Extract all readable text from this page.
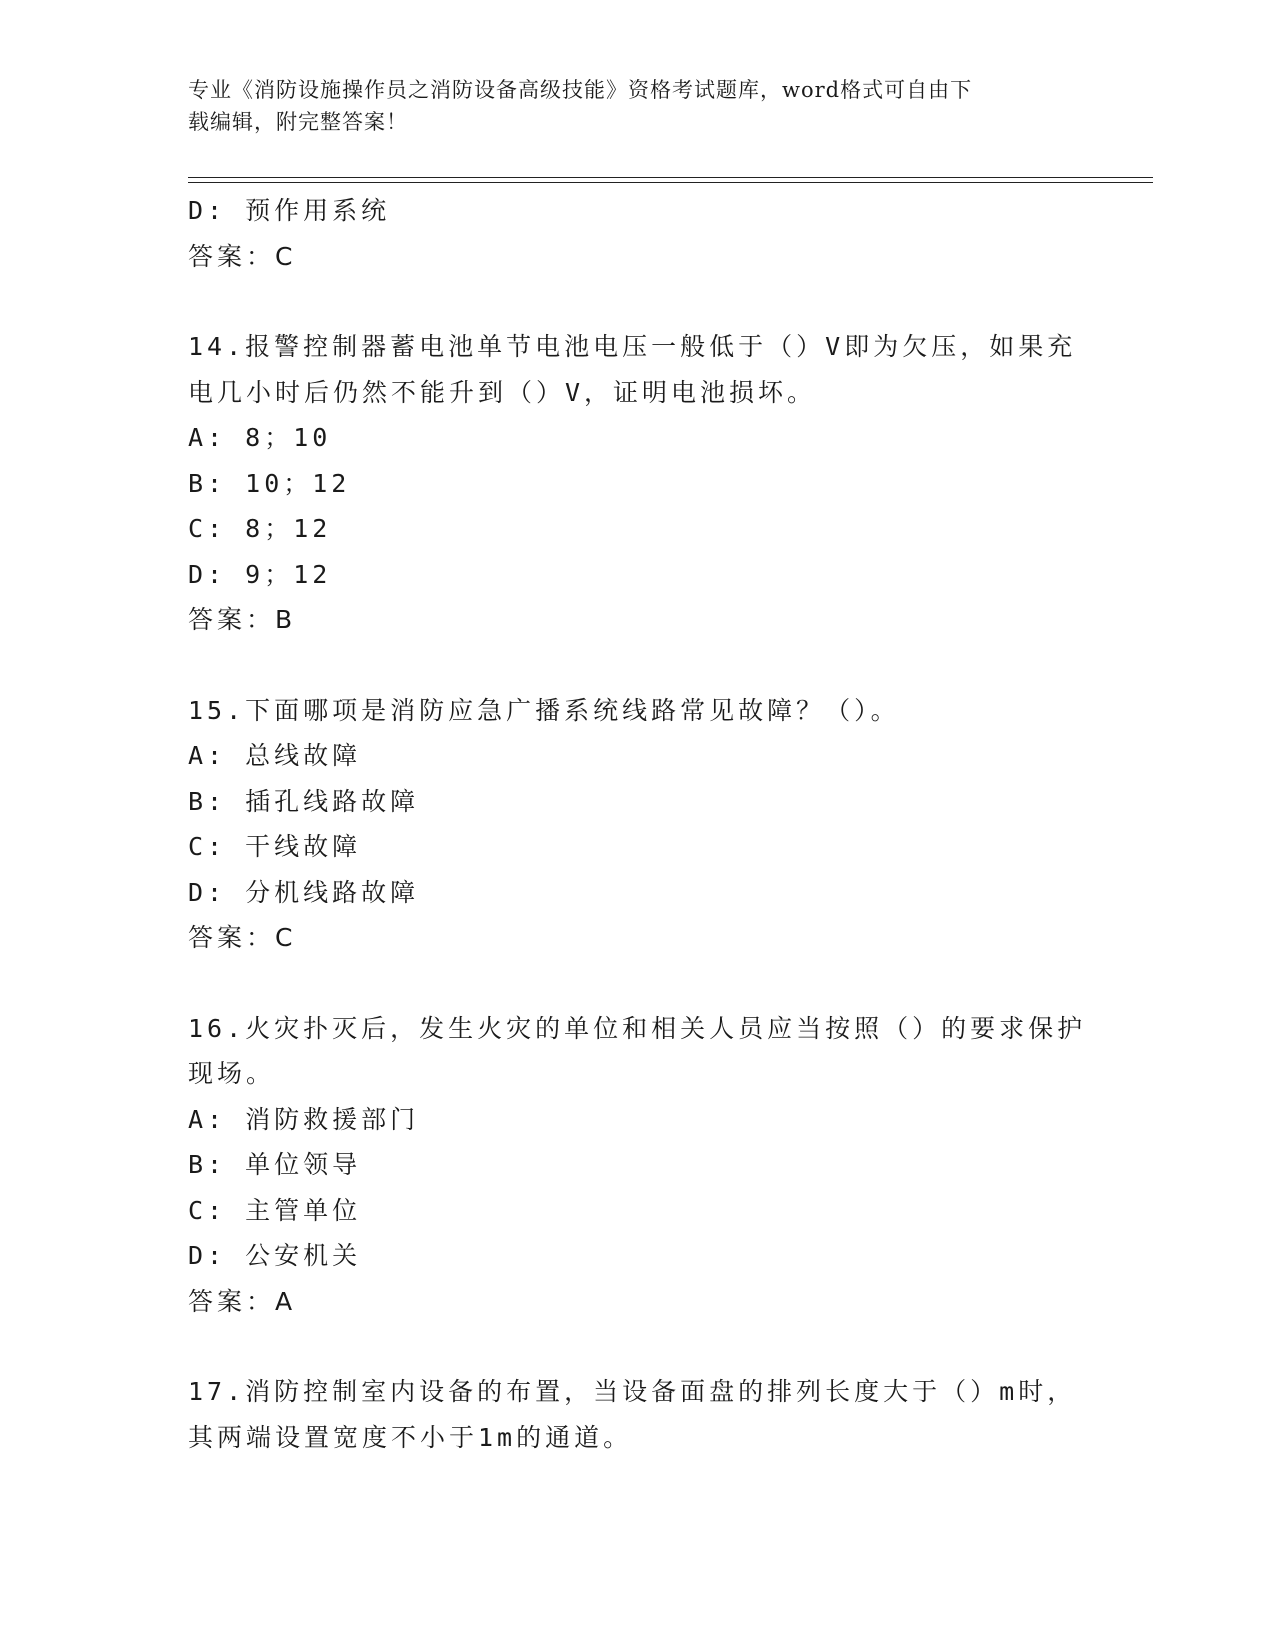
专业《消防设施操作员之消防设备高级技能》资格考试题库，word格式可自由下
载编辑，附完整答案！

D: 预作用系统

答案：C

14.报警控制器蓄电池单节电池电压一般低于（）V即为欠压，如果充

电几小时后仍然不能升到（）V，证明电池损坏。

A: 8；10

B: 10；12

C: 8；12

D: 9；12

答案：B

15.下面哪项是消防应急广播系统线路常见故障？（）。

A: 总线故障

B: 插孔线路故障

C: 干线故障

D: 分机线路故障

答案：C

16.火灾扑灭后，发生火灾的单位和相关人员应当按照（）的要求保护

现场。

A: 消防救援部门

B: 单位领导

C: 主管单位

D: 公安机关

答案：A

17.消防控制室内设备的布置，当设备面盘的排列长度大于（）m时，

其两端设置宽度不小于1m的通道。
